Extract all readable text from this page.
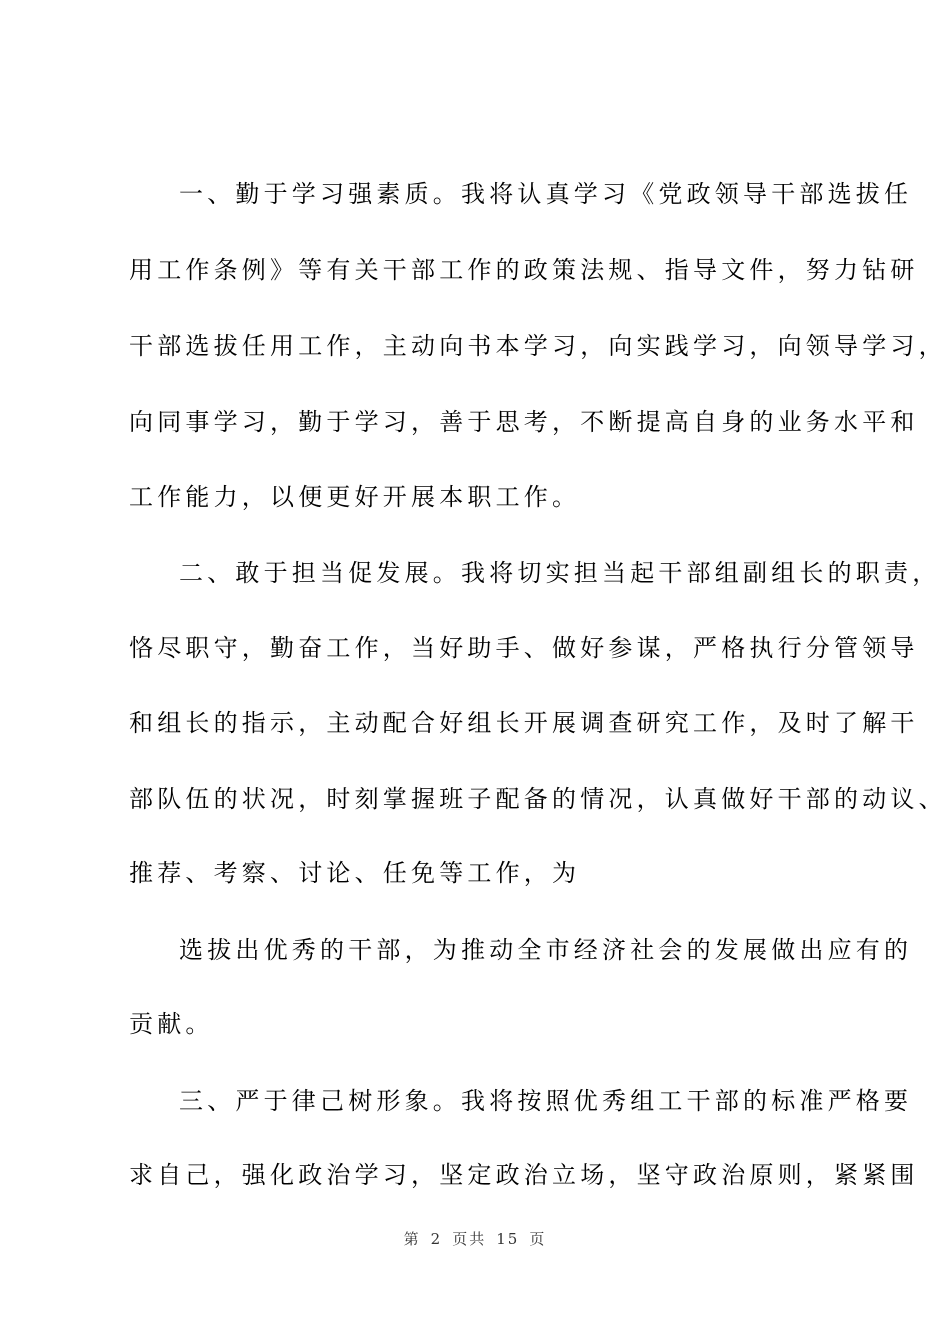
一、勤于学习强素质。我将认真学习《党政领导干部选拔任
用工作条例》等有关干部工作的政策法规、指导文件，努力钻研
干部选拔任用工作，主动向书本学习，向实践学习，向领导学习，
向同事学习，勤于学习，善于思考，不断提高自身的业务水平和
工作能力，以便更好开展本职工作。
二、敢于担当促发展。我将切实担当起干部组副组长的职责，
恪尽职守，勤奋工作，当好助手、做好参谋，严格执行分管领导
和组长的指示，主动配合好组长开展调查研究工作，及时了解干
部队伍的状况，时刻掌握班子配备的情况，认真做好干部的动议、
推荐、考察、讨论、任免等工作，为
选拔出优秀的干部，为推动全市经济社会的发展做出应有的
贡献。
三、严于律己树形象。我将按照优秀组工干部的标准严格要
求自己，强化政治学习，坚定政治立场，坚守政治原则，紧紧围
第 2 页共 15 页
